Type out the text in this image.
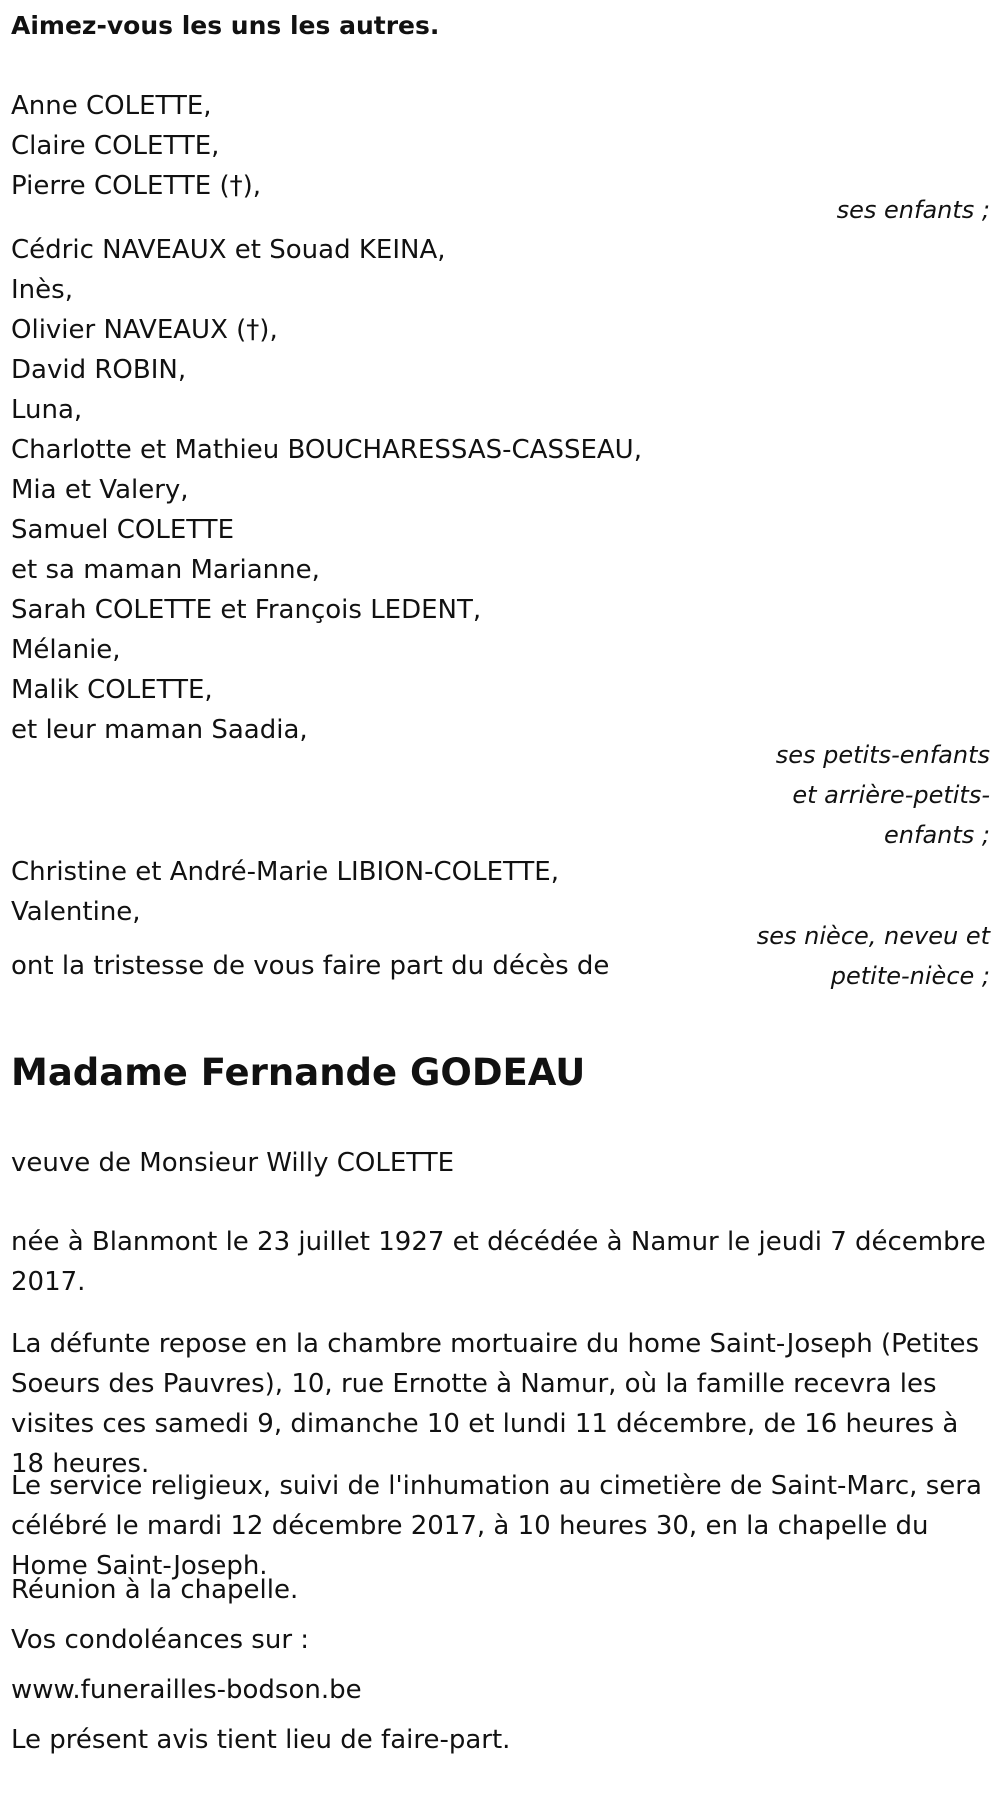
Aimez-vous les uns les autres.
Anne COLETTE,
Claire COLETTE,
Pierre COLETTE (†),
ses enfants ;
Cédric NAVEAUX et Souad KEINA,
Inès,
Olivier NAVEAUX (†),
David ROBIN,
Luna,
Charlotte et Mathieu BOUCHARESSAS-CASSEAU,
Mia et Valery,
Samuel COLETTE
et sa maman Marianne,
Sarah COLETTE et François LEDENT,
Mélanie,
Malik COLETTE,
et leur maman Saadia,
ses petits-enfants et arrière-petits-enfants ;
Christine et André-Marie LIBION-COLETTE,
Valentine,
ses nièce, neveu et petite-nièce ;
ont la tristesse de vous faire part du décès de
Madame Fernande GODEAU
veuve de Monsieur Willy COLETTE

née à Blanmont le 23 juillet 1927 et décédée à Namur le jeudi 7 décembre 2017.

La défunte repose en la chambre mortuaire du home Saint-Joseph (Petites Soeurs des Pauvres), 10, rue Ernotte à Namur, où la famille recevra les visites ces samedi 9, dimanche 10 et lundi 11 décembre, de 16 heures à 18 heures.

Le service religieux, suivi de l'inhumation au cimetière de Saint-Marc, sera célébré le mardi 12 décembre 2017, à 10 heures 30, en la chapelle du Home Saint-Joseph.

Réunion à la chapelle.

Vos condoléances sur :

www.funerailles-bodson.be

Le présent avis tient lieu de faire-part.
